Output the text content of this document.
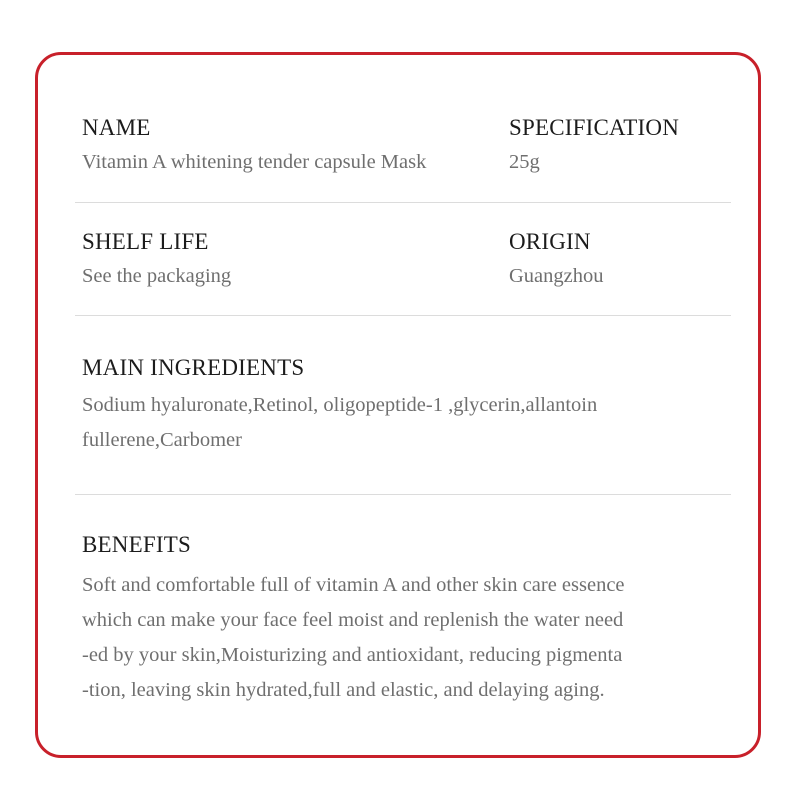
NAME
Vitamin A whitening tender capsule Mask
SPECIFICATION
25g
SHELF LIFE
See the packaging
ORIGIN
Guangzhou
MAIN INGREDIENTS
Sodium hyaluronate,Retinol, oligopeptide-1 ,glycerin,allantoin
fullerene,Carbomer
BENEFITS
Soft and comfortable full of vitamin A and other skin care essence
which can make your face feel moist and replenish the water need
-ed by your skin,Moisturizing and antioxidant, reducing pigmenta
-tion, leaving skin hydrated,full and elastic, and delaying aging.
